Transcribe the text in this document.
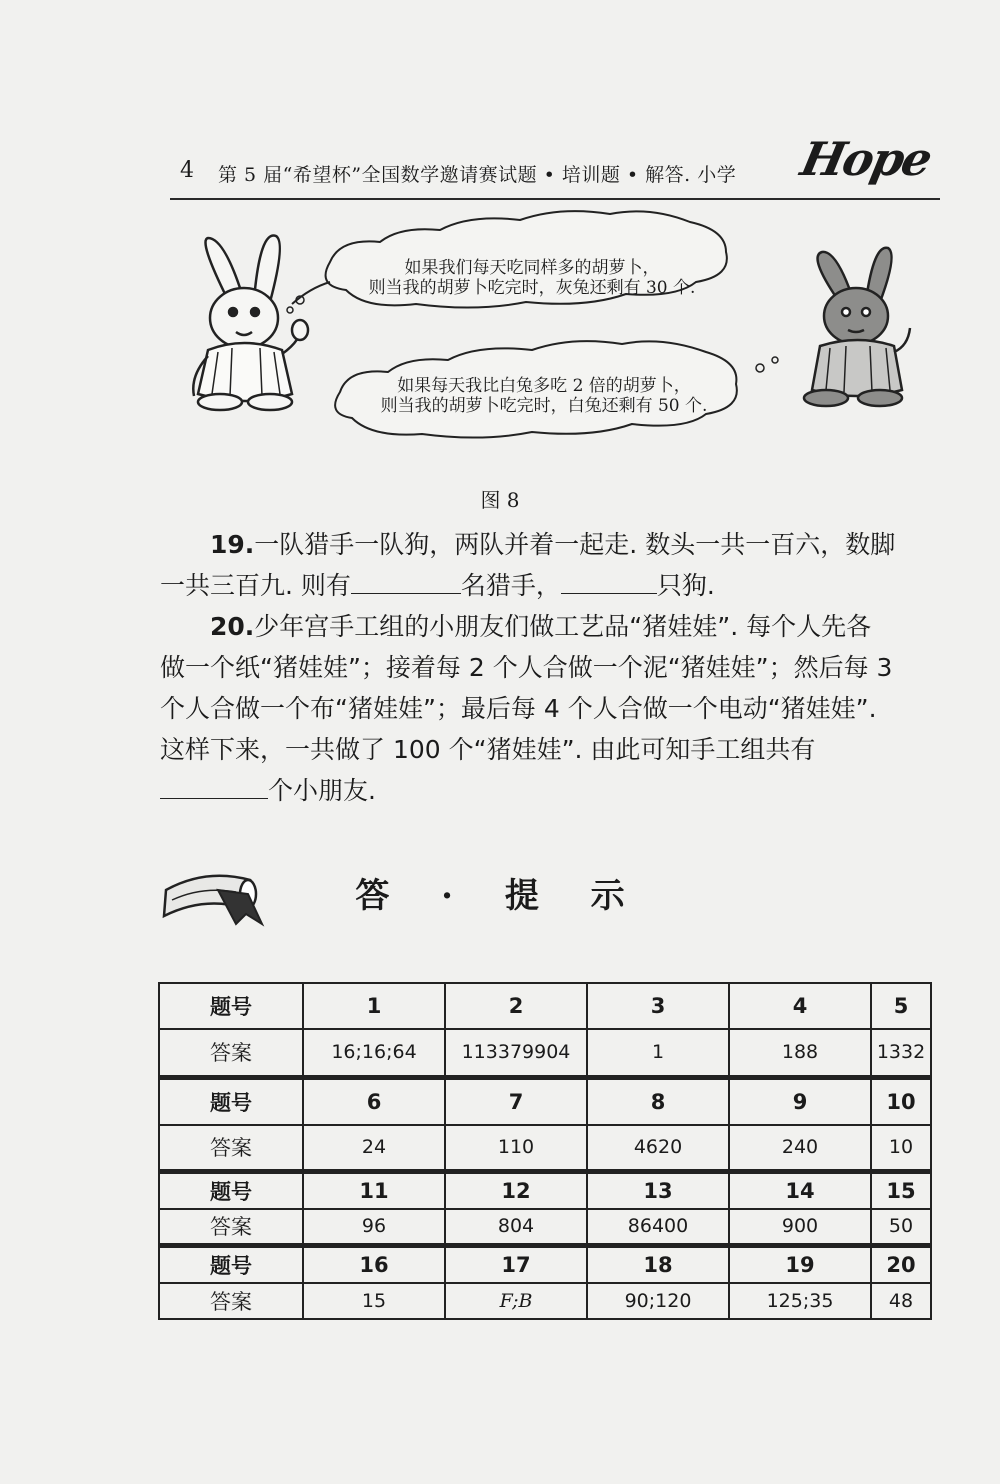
4 第 5 届“希望杯”全国数学邀请赛试题 • 培训题 • 解答. 小学 Hope
如果我们每天吃同样多的胡萝卜，
则当我的胡萝卜吃完时，灰兔还剩有 30 个.
如果每天我比白兔多吃 2 倍的胡萝卜，
则当我的胡萝卜吃完时，白兔还剩有 50 个.
图 8
19.一队猎手一队狗，两队并着一起走. 数头一共一百六，数脚
一共三百九. 则有	名猎手，	只狗.
20.少年宫手工组的小朋友们做工艺品“猪娃娃”. 每个人先各
做一个纸“猪娃娃”；接着每 2 个人合做一个泥“猪娃娃”；然后每 3
个人合做一个布“猪娃娃”；最后每 4 个人合做一个电动“猪娃娃”.
这样下来，一共做了 100 个“猪娃娃”. 由此可知手工组共有
个小朋友.
答 · 提 示
题号	1	2	3	4	5
答案	16;16;64	113379904	1	188	1332
题号	6	7	8	9	10
答案	24	110	4620	240	10
题号	11	12	13	14	15
答案	96	804	86400	900	50
题号	16	17	18	19	20
答案	15	F;B	90;120	125;35	48
